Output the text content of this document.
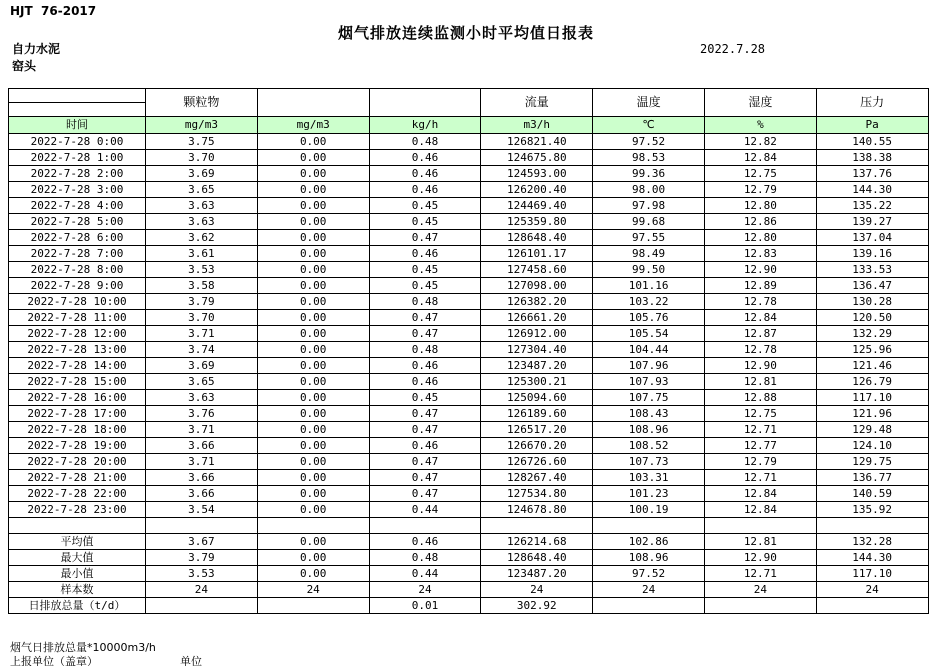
HJT  76-2017
烟气排放连续监测小时平均值日报表
自力水泥	2022.7.28
窑头
	颗粒物			流量	温度	湿度	压力

时间	mg/m3	mg/m3	kg/h	m3/h	℃	%	Pa
2022-7-28 0:00	3.75	0.00	0.48	126821.40	97.52	12.82	140.55
2022-7-28 1:00	3.70	0.00	0.46	124675.80	98.53	12.84	138.38
2022-7-28 2:00	3.69	0.00	0.46	124593.00	99.36	12.75	137.76
2022-7-28 3:00	3.65	0.00	0.46	126200.40	98.00	12.79	144.30
2022-7-28 4:00	3.63	0.00	0.45	124469.40	97.98	12.80	135.22
2022-7-28 5:00	3.63	0.00	0.45	125359.80	99.68	12.86	139.27
2022-7-28 6:00	3.62	0.00	0.47	128648.40	97.55	12.80	137.04
2022-7-28 7:00	3.61	0.00	0.46	126101.17	98.49	12.83	139.16
2022-7-28 8:00	3.53	0.00	0.45	127458.60	99.50	12.90	133.53
2022-7-28 9:00	3.58	0.00	0.45	127098.00	101.16	12.89	136.47
2022-7-28 10:00	3.79	0.00	0.48	126382.20	103.22	12.78	130.28
2022-7-28 11:00	3.70	0.00	0.47	126661.20	105.76	12.84	120.50
2022-7-28 12:00	3.71	0.00	0.47	126912.00	105.54	12.87	132.29
2022-7-28 13:00	3.74	0.00	0.48	127304.40	104.44	12.78	125.96
2022-7-28 14:00	3.69	0.00	0.46	123487.20	107.96	12.90	121.46
2022-7-28 15:00	3.65	0.00	0.46	125300.21	107.93	12.81	126.79
2022-7-28 16:00	3.63	0.00	0.45	125094.60	107.75	12.88	117.10
2022-7-28 17:00	3.76	0.00	0.47	126189.60	108.43	12.75	121.96
2022-7-28 18:00	3.71	0.00	0.47	126517.20	108.96	12.71	129.48
2022-7-28 19:00	3.66	0.00	0.46	126670.20	108.52	12.77	124.10
2022-7-28 20:00	3.71	0.00	0.47	126726.60	107.73	12.79	129.75
2022-7-28 21:00	3.66	0.00	0.47	128267.40	103.31	12.71	136.77
2022-7-28 22:00	3.66	0.00	0.47	127534.80	101.23	12.84	140.59
2022-7-28 23:00	3.54	0.00	0.44	124678.80	100.19	12.84	135.92

平均值	3.67	0.00	0.46	126214.68	102.86	12.81	132.28
最大值	3.79	0.00	0.48	128648.40	108.96	12.90	144.30
最小值	3.53	0.00	0.44	123487.20	97.52	12.71	117.10
样本数	24	24	24	24	24	24	24
日排放总量（t/d）			0.01	302.92			
烟气日排放总量*10000m3/h
上报单位（盖章）	单位
